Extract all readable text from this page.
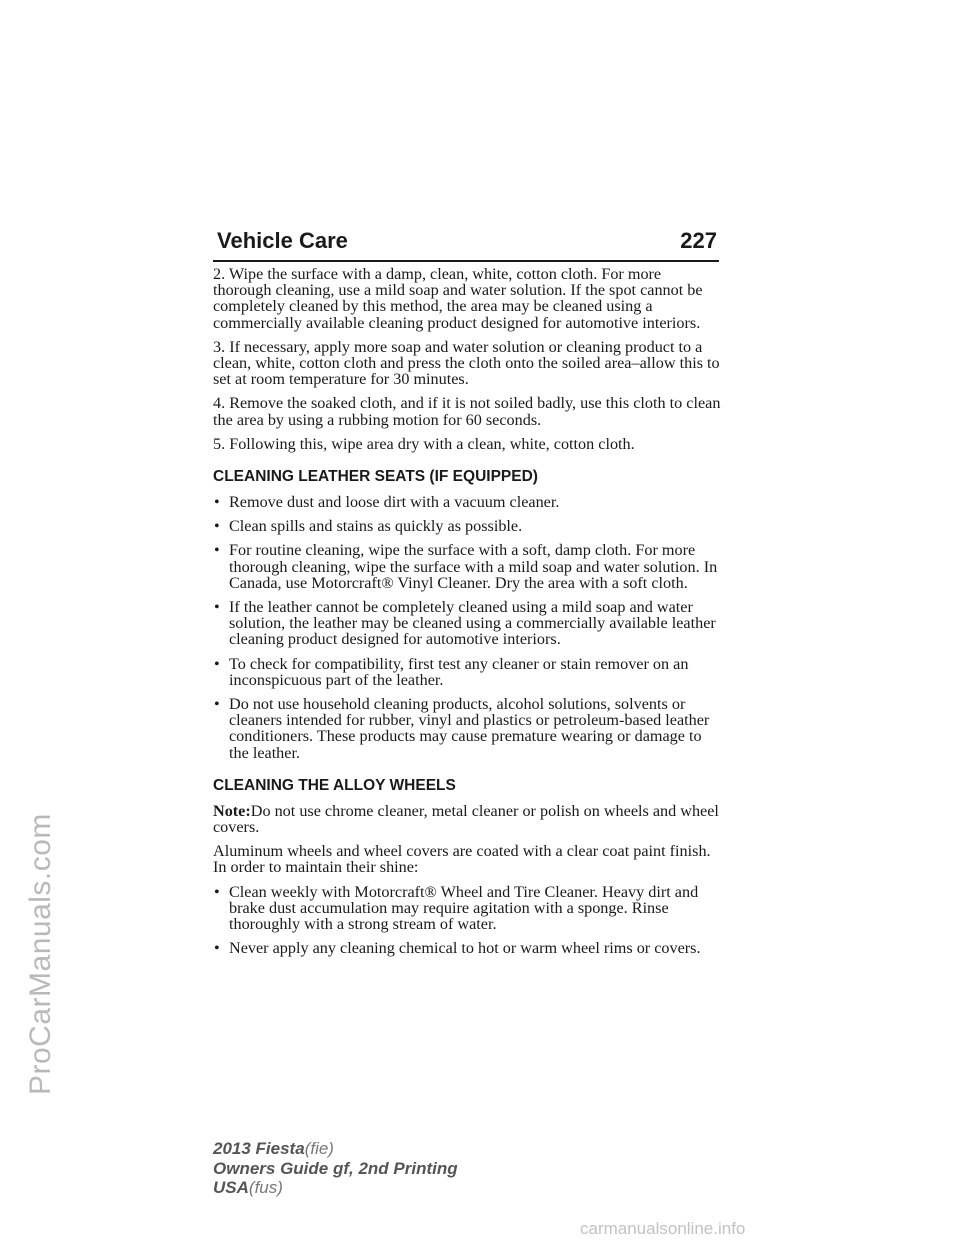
Vehicle Care	227

2. Wipe the surface with a damp, clean, white, cotton cloth. For more thorough cleaning, use a mild soap and water solution. If the spot cannot be completely cleaned by this method, the area may be cleaned using a commercially available cleaning product designed for automotive interiors.

3. If necessary, apply more soap and water solution or cleaning product to a clean, white, cotton cloth and press the cloth onto the soiled area–allow this to set at room temperature for 30 minutes.

4. Remove the soaked cloth, and if it is not soiled badly, use this cloth to clean the area by using a rubbing motion for 60 seconds.

5. Following this, wipe area dry with a clean, white, cotton cloth.

CLEANING LEATHER SEATS (IF EQUIPPED)
• Remove dust and loose dirt with a vacuum cleaner.
• Clean spills and stains as quickly as possible.
• For routine cleaning, wipe the surface with a soft, damp cloth. For more thorough cleaning, wipe the surface with a mild soap and water solution. In Canada, use Motorcraft® Vinyl Cleaner. Dry the area with a soft cloth.
• If the leather cannot be completely cleaned using a mild soap and water solution, the leather may be cleaned using a commercially available leather cleaning product designed for automotive interiors.
• To check for compatibility, first test any cleaner or stain remover on an inconspicuous part of the leather.
• Do not use household cleaning products, alcohol solutions, solvents or cleaners intended for rubber, vinyl and plastics or petroleum-based leather conditioners. These products may cause premature wearing or damage to the leather.
CLEANING THE ALLOY WHEELS

Note:Do not use chrome cleaner, metal cleaner or polish on wheels and wheel covers.

Aluminum wheels and wheel covers are coated with a clear coat paint finish. In order to maintain their shine:

• Clean weekly with Motorcraft® Wheel and Tire Cleaner. Heavy dirt and brake dust accumulation may require agitation with a sponge. Rinse thoroughly with a strong stream of water.
• Never apply any cleaning chemical to hot or warm wheel rims or covers.
2013 Fiesta(fie)
Owners Guide gf, 2nd Printing
USA(fus)
ProCarManuals.com
carmanualsonline.info
